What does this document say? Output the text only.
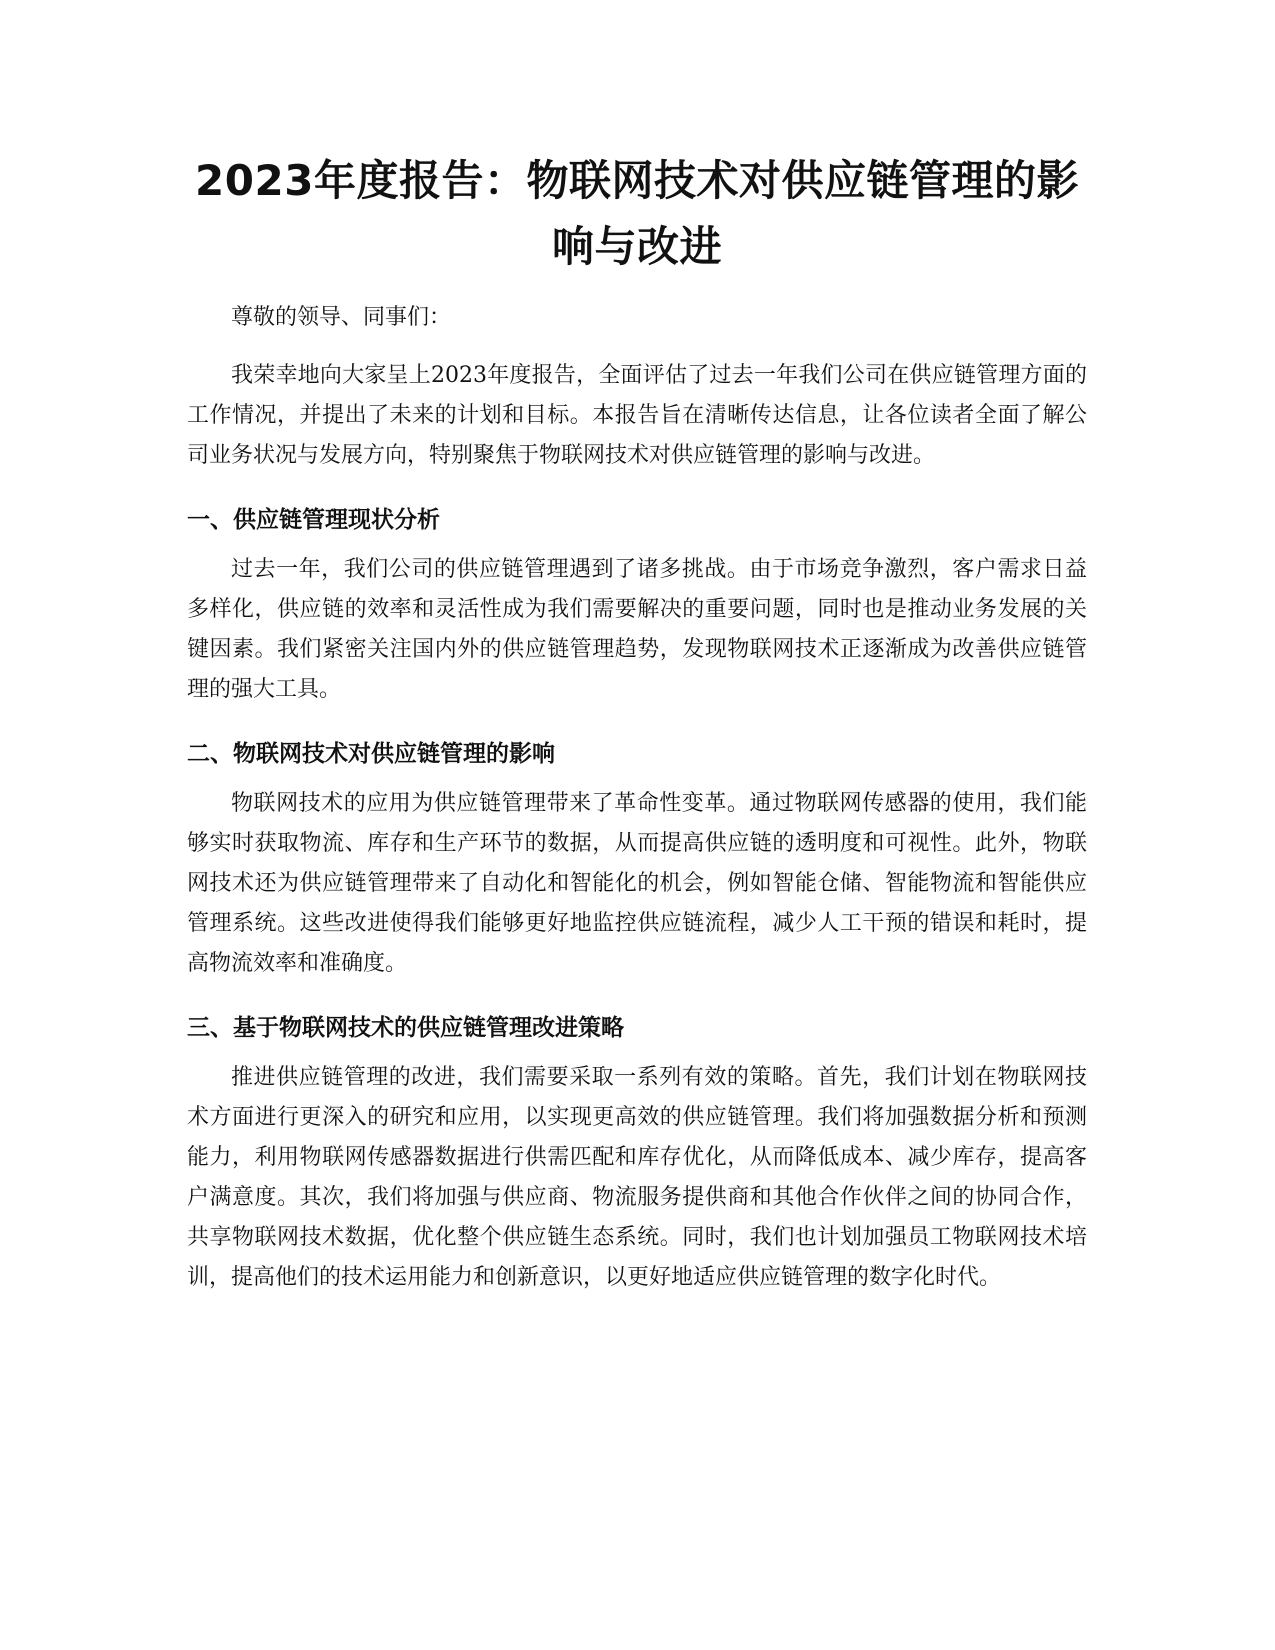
2023年度报告：物联网技术对供应链管理的影响与改进

尊敬的领导、同事们：

我荣幸地向大家呈上2023年度报告，全面评估了过去一年我们公司在供应链管理方面的工作情况，并提出了未来的计划和目标。本报告旨在清晰传达信息，让各位读者全面了解公司业务状况与发展方向，特别聚焦于物联网技术对供应链管理的影响与改进。

一、供应链管理现状分析

过去一年，我们公司的供应链管理遇到了诸多挑战。由于市场竞争激烈，客户需求日益多样化，供应链的效率和灵活性成为我们需要解决的重要问题，同时也是推动业务发展的关键因素。我们紧密关注国内外的供应链管理趋势，发现物联网技术正逐渐成为改善供应链管理的强大工具。

二、物联网技术对供应链管理的影响

物联网技术的应用为供应链管理带来了革命性变革。通过物联网传感器的使用，我们能够实时获取物流、库存和生产环节的数据，从而提高供应链的透明度和可视性。此外，物联网技术还为供应链管理带来了自动化和智能化的机会，例如智能仓储、智能物流和智能供应管理系统。这些改进使得我们能够更好地监控供应链流程，减少人工干预的错误和耗时，提高物流效率和准确度。

三、基于物联网技术的供应链管理改进策略

推进供应链管理的改进，我们需要采取一系列有效的策略。首先，我们计划在物联网技术方面进行更深入的研究和应用，以实现更高效的供应链管理。我们将加强数据分析和预测能力，利用物联网传感器数据进行供需匹配和库存优化，从而降低成本、减少库存，提高客户满意度。其次，我们将加强与供应商、物流服务提供商和其他合作伙伴之间的协同合作，共享物联网技术数据，优化整个供应链生态系统。同时，我们也计划加强员工物联网技术培训，提高他们的技术运用能力和创新意识，以更好地适应供应链管理的数字化时代。
